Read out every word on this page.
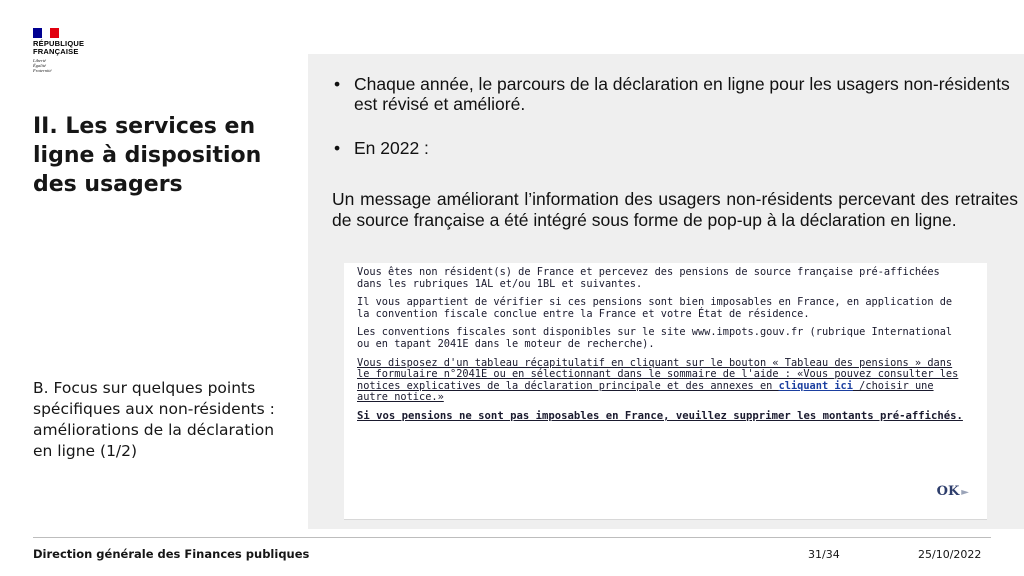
RÉPUBLIQUE
FRANÇAISE
Liberté
Égalité
Fraternité
II. Les services en ligne à disposition des usagers
B. Focus sur quelques points spécifiques aux non-résidents : améliorations de la déclaration en ligne (1/2)
• Chaque année, le parcours de la déclaration en ligne pour les usagers non-résidents est révisé et amélioré.
• En 2022 :
Un message améliorant l’information des usagers non-résidents percevant des retraites de source française a été intégré sous forme de pop-up à la déclaration en ligne.

Vous êtes non résident(s) de France et percevez des pensions de source française pré-affichées dans les rubriques 1AL et/ou 1BL et suivantes.

Il vous appartient de vérifier si ces pensions sont bien imposables en France, en application de la convention fiscale conclue entre la France et votre État de résidence.

Les conventions fiscales sont disponibles sur le site www.impots.gouv.fr (rubrique International ou en tapant 2041E dans le moteur de recherche).

Vous disposez d'un tableau récapitulatif en cliquant sur le bouton « Tableau des pensions » dans le formulaire n°2041E ou en sélectionnant dans le sommaire de l'aide : «Vous pouvez consulter les notices explicatives de la déclaration principale et des annexes en cliquant ici /choisir une autre notice.»

Si vos pensions ne sont pas imposables en France, veuillez supprimer les montants pré-affichés.

OK ►
Direction générale des Finances publiques	31/34	25/10/2022
